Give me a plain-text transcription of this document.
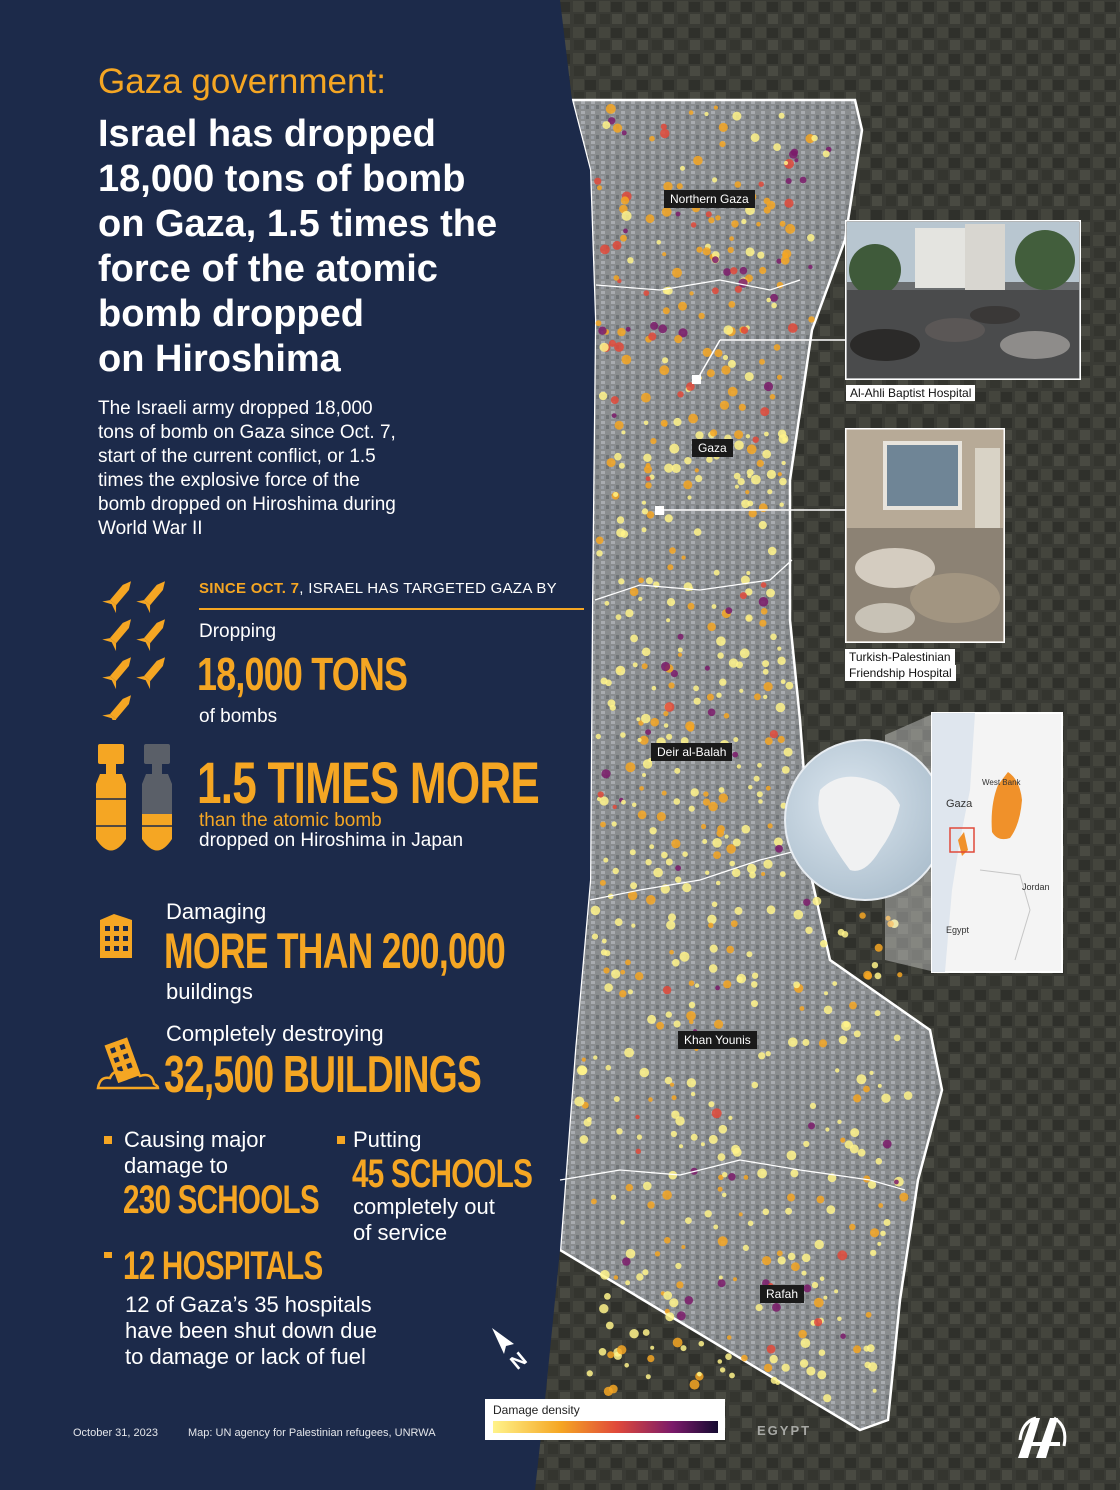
Northern Gaza
Gaza
Deir al-Balah
Khan Younis
Rafah
Al-Ahli Baptist Hospital
Turkish-Palestinian
Friendship Hospital
Gaza
West Bank
Jordan
Egypt
EGYPT
Damage density
N
Gaza government:
Israel has dropped
18,000 tons of bomb
on Gaza, 1.5 times the
force of the atomic
bomb dropped
on Hiroshima
The Israeli army dropped 18,000
tons of bomb on Gaza since Oct. 7,
start of the current conflict, or 1.5
times the explosive force of the
bomb dropped on Hiroshima during
World War II
SINCE OCT. 7, ISRAEL HAS TARGETED GAZA BY
Dropping
18,000 TONS
of bombs
1.5 TIMES MORE
than the atomic bomb
dropped on Hiroshima in Japan
Damaging
MORE THAN 200,000
buildings
Completely destroying
32,500 BUILDINGS
Causing major
damage to
230 SCHOOLS
Putting
45 SCHOOLS
completely out
of service
12 HOSPITALS
12 of Gaza’s 35 hospitals
have been shut down due
to damage or lack of fuel
October 31, 2023	Map: UN agency for Palestinian refugees, UNRWA
